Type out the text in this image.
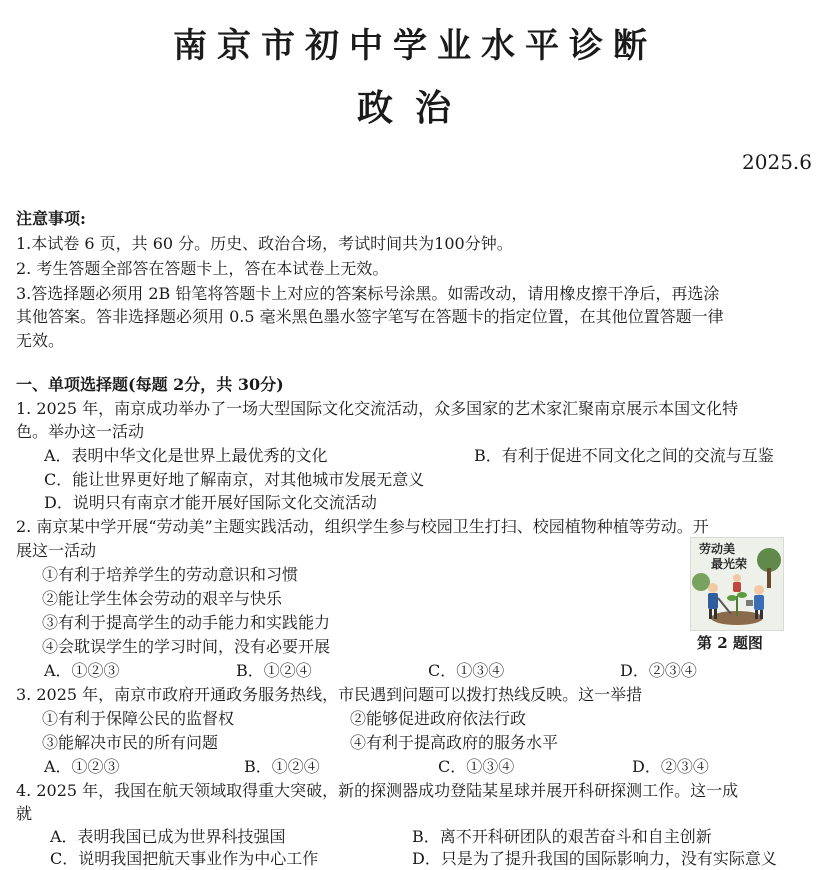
南京市初中学业水平诊断
政治
2025.6
注意事项:
1.本试卷 6 页，共 60 分。历史、政治合场，考试时间共为100分钟。
2. 考生答题全部答在答题卡上，答在本试卷上无效。
3.答选择题必须用 2B 铅笔将答题卡上对应的答案标号涂黑。如需改动，请用橡皮擦干净后，再选涂
其他答案。答非选择题必须用 0.5 毫米黑色墨水签字笔写在答题卡的指定位置，在其他位置答题一律
无效。
一、单项选择题(每题 2分，共 30分)
1. 2025 年，南京成功举办了一场大型国际文化交流活动，众多国家的艺术家汇聚南京展示本国文化特
色。举办这一活动
A．表明中华文化是世界上最优秀的文化	B．有利于促进不同文化之间的交流与互鉴
C．能让世界更好地了解南京，对其他城市发展无意义
D．说明只有南京才能开展好国际文化交流活动
2. 南京某中学开展“劳动美”主题实践活动，组织学生参与校园卫生打扫、校园植物种植等劳动。开
展这一活动
①有利于培养学生的劳动意识和习惯
②能让学生体会劳动的艰辛与快乐
③有利于提高学生的动手能力和实践能力
④会耽误学生的学习时间，没有必要开展
A．①②③	B．①②④	C．①③④	D．②③④
劳动美
最光荣
第 2 题图
3. 2025 年，南京市政府开通政务服务热线，市民遇到问题可以拨打热线反映。这一举措
①有利于保障公民的监督权	②能够促进政府依法行政
③能解决市民的所有问题	④有利于提高政府的服务水平
A．①②③	B．①②④	C．①③④	D．②③④
4. 2025 年，我国在航天领域取得重大突破，新的探测器成功登陆某星球并展开科研探测工作。这一成
就
A．表明我国已成为世界科技强国	B．离不开科研团队的艰苦奋斗和自主创新
C．说明我国把航天事业作为中心工作	D．只是为了提升我国的国际影响力，没有实际意义
